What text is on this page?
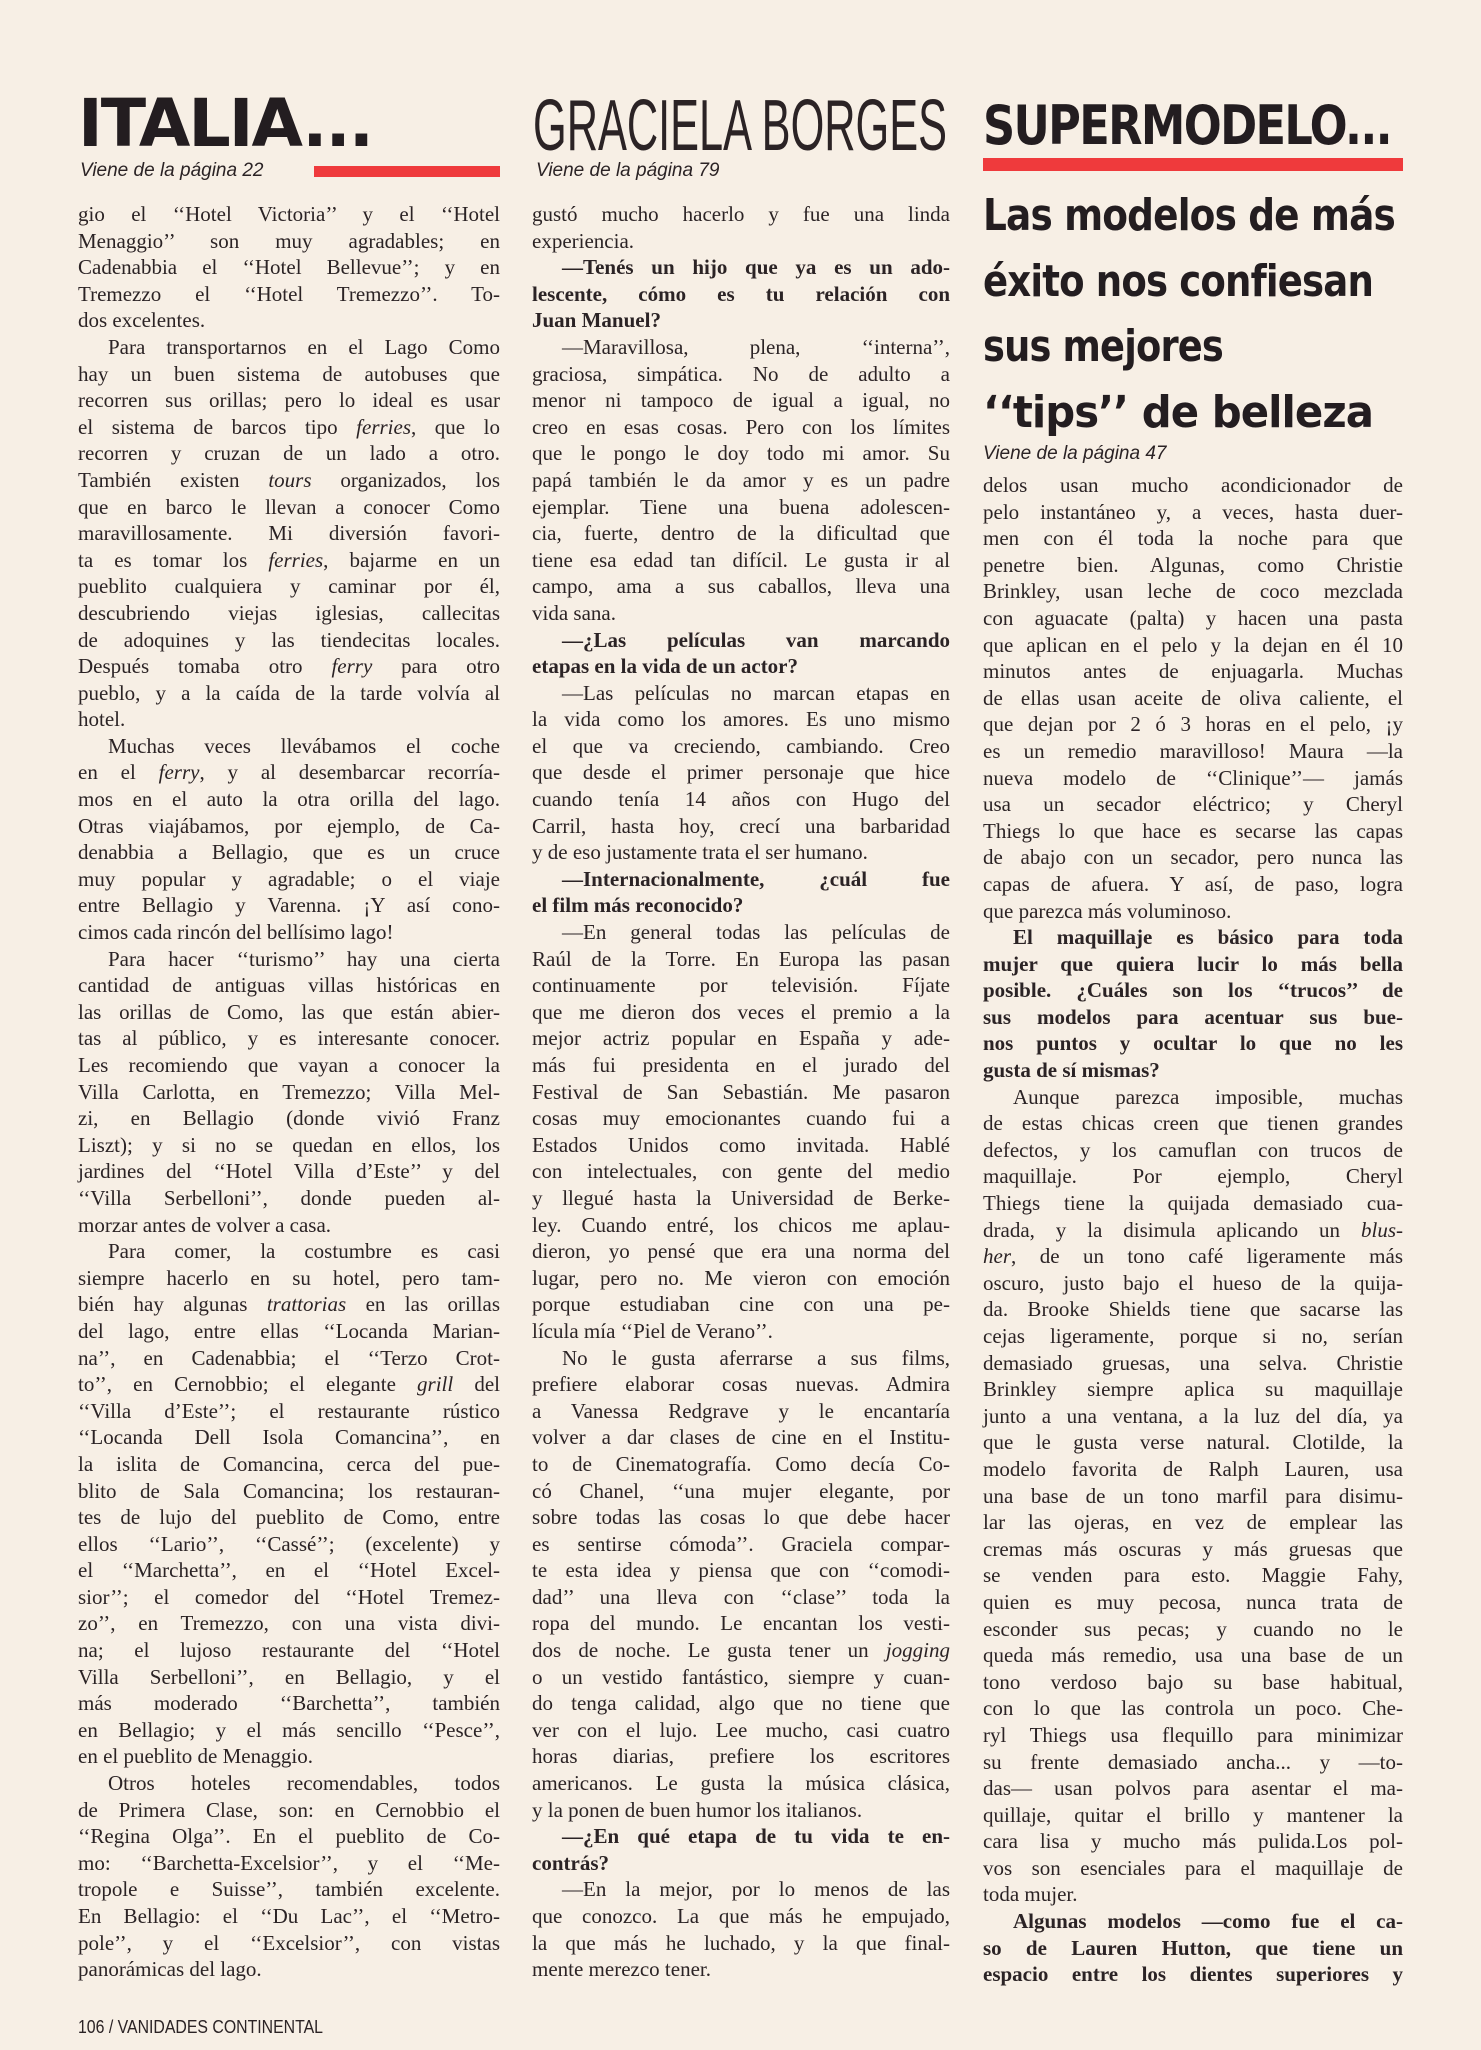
ITALIA...
Viene de la página 22
GRACIELA BORGES
Viene de la página 79
SUPERMODELO...
Las modelos de más
éxito nos confiesan
sus mejores
‘‘tips’’ de belleza
Viene de la página 47
gio el ‘‘Hotel Victoria’’ y el ‘‘Hotel
Menaggio’’ son muy agradables; en
Cadenabbia el ‘‘Hotel Bellevue’’; y en
Tremezzo el ‘‘Hotel Tremezzo’’. To-
dos excelentes.
Para transportarnos en el Lago Como
hay un buen sistema de autobuses que
recorren sus orillas; pero lo ideal es usar
el sistema de barcos tipo ferries, que lo
recorren y cruzan de un lado a otro.
También existen tours organizados, los
que en barco le llevan a conocer Como
maravillosamente. Mi diversión favori-
ta es tomar los ferries, bajarme en un
pueblito cualquiera y caminar por él,
descubriendo viejas iglesias, callecitas
de adoquines y las tiendecitas locales.
Después tomaba otro ferry para otro
pueblo, y a la caída de la tarde volvía al
hotel.
Muchas veces llevábamos el coche
en el ferry, y al desembarcar recorría-
mos en el auto la otra orilla del lago.
Otras viajábamos, por ejemplo, de Ca-
denabbia a Bellagio, que es un cruce
muy popular y agradable; o el viaje
entre Bellagio y Varenna. ¡Y así cono-
cimos cada rincón del bellísimo lago!
Para hacer ‘‘turismo’’ hay una cierta
cantidad de antiguas villas históricas en
las orillas de Como, las que están abier-
tas al público, y es interesante conocer.
Les recomiendo que vayan a conocer la
Villa Carlotta, en Tremezzo; Villa Mel-
zi, en Bellagio (donde vivió Franz
Liszt); y si no se quedan en ellos, los
jardines del ‘‘Hotel Villa d’Este’’ y del
‘‘Villa Serbelloni’’, donde pueden al-
morzar antes de volver a casa.
Para comer, la costumbre es casi
siempre hacerlo en su hotel, pero tam-
bién hay algunas trattorias en las orillas
del lago, entre ellas ‘‘Locanda Marian-
na’’, en Cadenabbia; el ‘‘Terzo Crot-
to’’, en Cernobbio; el elegante grill del
‘‘Villa d’Este’’; el restaurante rústico
‘‘Locanda Dell Isola Comancina’’, en
la islita de Comancina, cerca del pue-
blito de Sala Comancina; los restauran-
tes de lujo del pueblito de Como, entre
ellos ‘‘Lario’’, ‘‘Cassé’’; (excelente) y
el ‘‘Marchetta’’, en el ‘‘Hotel Excel-
sior’’; el comedor del ‘‘Hotel Tremez-
zo’’, en Tremezzo, con una vista divi-
na; el lujoso restaurante del ‘‘Hotel
Villa Serbelloni’’, en Bellagio, y el
más moderado ‘‘Barchetta’’, también
en Bellagio; y el más sencillo ‘‘Pesce’’,
en el pueblito de Menaggio.
Otros hoteles recomendables, todos
de Primera Clase, son: en Cernobbio el
‘‘Regina Olga’’. En el pueblito de Co-
mo: ‘‘Barchetta-Excelsior’’, y el ‘‘Me-
tropole e Suisse’’, también excelente.
En Bellagio: el ‘‘Du Lac’’, el ‘‘Metro-
pole’’, y el ‘‘Excelsior’’, con vistas
panorámicas del lago.
gustó mucho hacerlo y fue una linda
experiencia.
—Tenés un hijo que ya es un ado-
lescente, cómo es tu relación con
Juan Manuel?
—Maravillosa, plena, ‘‘interna’’,
graciosa, simpática. No de adulto a
menor ni tampoco de igual a igual, no
creo en esas cosas. Pero con los límites
que le pongo le doy todo mi amor. Su
papá también le da amor y es un padre
ejemplar. Tiene una buena adolescen-
cia, fuerte, dentro de la dificultad que
tiene esa edad tan difícil. Le gusta ir al
campo, ama a sus caballos, lleva una
vida sana.
—¿Las películas van marcando
etapas en la vida de un actor?
—Las películas no marcan etapas en
la vida como los amores. Es uno mismo
el que va creciendo, cambiando. Creo
que desde el primer personaje que hice
cuando tenía 14 años con Hugo del
Carril, hasta hoy, crecí una barbaridad
y de eso justamente trata el ser humano.
—Internacionalmente, ¿cuál fue
el film más reconocido?
—En general todas las películas de
Raúl de la Torre. En Europa las pasan
continuamente por televisión. Fíjate
que me dieron dos veces el premio a la
mejor actriz popular en España y ade-
más fui presidenta en el jurado del
Festival de San Sebastián. Me pasaron
cosas muy emocionantes cuando fui a
Estados Unidos como invitada. Hablé
con intelectuales, con gente del medio
y llegué hasta la Universidad de Berke-
ley. Cuando entré, los chicos me aplau-
dieron, yo pensé que era una norma del
lugar, pero no. Me vieron con emoción
porque estudiaban cine con una pe-
lícula mía ‘‘Piel de Verano’’.
No le gusta aferrarse a sus films,
prefiere elaborar cosas nuevas. Admira
a Vanessa Redgrave y le encantaría
volver a dar clases de cine en el Institu-
to de Cinematografía. Como decía Co-
có Chanel, ‘‘una mujer elegante, por
sobre todas las cosas lo que debe hacer
es sentirse cómoda’’. Graciela compar-
te esta idea y piensa que con ‘‘comodi-
dad’’ una lleva con ‘‘clase’’ toda la
ropa del mundo. Le encantan los vesti-
dos de noche. Le gusta tener un jogging
o un vestido fantástico, siempre y cuan-
do tenga calidad, algo que no tiene que
ver con el lujo. Lee mucho, casi cuatro
horas diarias, prefiere los escritores
americanos. Le gusta la música clásica,
y la ponen de buen humor los italianos.
—¿En qué etapa de tu vida te en-
contrás?
—En la mejor, por lo menos de las
que conozco. La que más he empujado,
la que más he luchado, y la que final-
mente merezco tener.
delos usan mucho acondicionador de
pelo instantáneo y, a veces, hasta duer-
men con él toda la noche para que
penetre bien. Algunas, como Christie
Brinkley, usan leche de coco mezclada
con aguacate (palta) y hacen una pasta
que aplican en el pelo y la dejan en él 10
minutos antes de enjuagarla. Muchas
de ellas usan aceite de oliva caliente, el
que dejan por 2 ó 3 horas en el pelo, ¡y
es un remedio maravilloso! Maura —la
nueva modelo de ‘‘Clinique’’— jamás
usa un secador eléctrico; y Cheryl
Thiegs lo que hace es secarse las capas
de abajo con un secador, pero nunca las
capas de afuera. Y así, de paso, logra
que parezca más voluminoso.
El maquillaje es básico para toda
mujer que quiera lucir lo más bella
posible. ¿Cuáles son los ‘‘trucos’’ de
sus modelos para acentuar sus bue-
nos puntos y ocultar lo que no les
gusta de sí mismas?
Aunque parezca imposible, muchas
de estas chicas creen que tienen grandes
defectos, y los camuflan con trucos de
maquillaje. Por ejemplo, Cheryl
Thiegs tiene la quijada demasiado cua-
drada, y la disimula aplicando un blus-
her, de un tono café ligeramente más
oscuro, justo bajo el hueso de la quija-
da. Brooke Shields tiene que sacarse las
cejas ligeramente, porque si no, serían
demasiado gruesas, una selva. Christie
Brinkley siempre aplica su maquillaje
junto a una ventana, a la luz del día, ya
que le gusta verse natural. Clotilde, la
modelo favorita de Ralph Lauren, usa
una base de un tono marfil para disimu-
lar las ojeras, en vez de emplear las
cremas más oscuras y más gruesas que
se venden para esto. Maggie Fahy,
quien es muy pecosa, nunca trata de
esconder sus pecas; y cuando no le
queda más remedio, usa una base de un
tono verdoso bajo su base habitual,
con lo que las controla un poco. Che-
ryl Thiegs usa flequillo para minimizar
su frente demasiado ancha... y —to-
das— usan polvos para asentar el ma-
quillaje, quitar el brillo y mantener la
cara lisa y mucho más pulida.Los pol-
vos son esenciales para el maquillaje de
toda mujer.
Algunas modelos —como fue el ca-
so de Lauren Hutton, que tiene un
espacio entre los dientes superiores y
106 / VANIDADES CONTINENTAL
